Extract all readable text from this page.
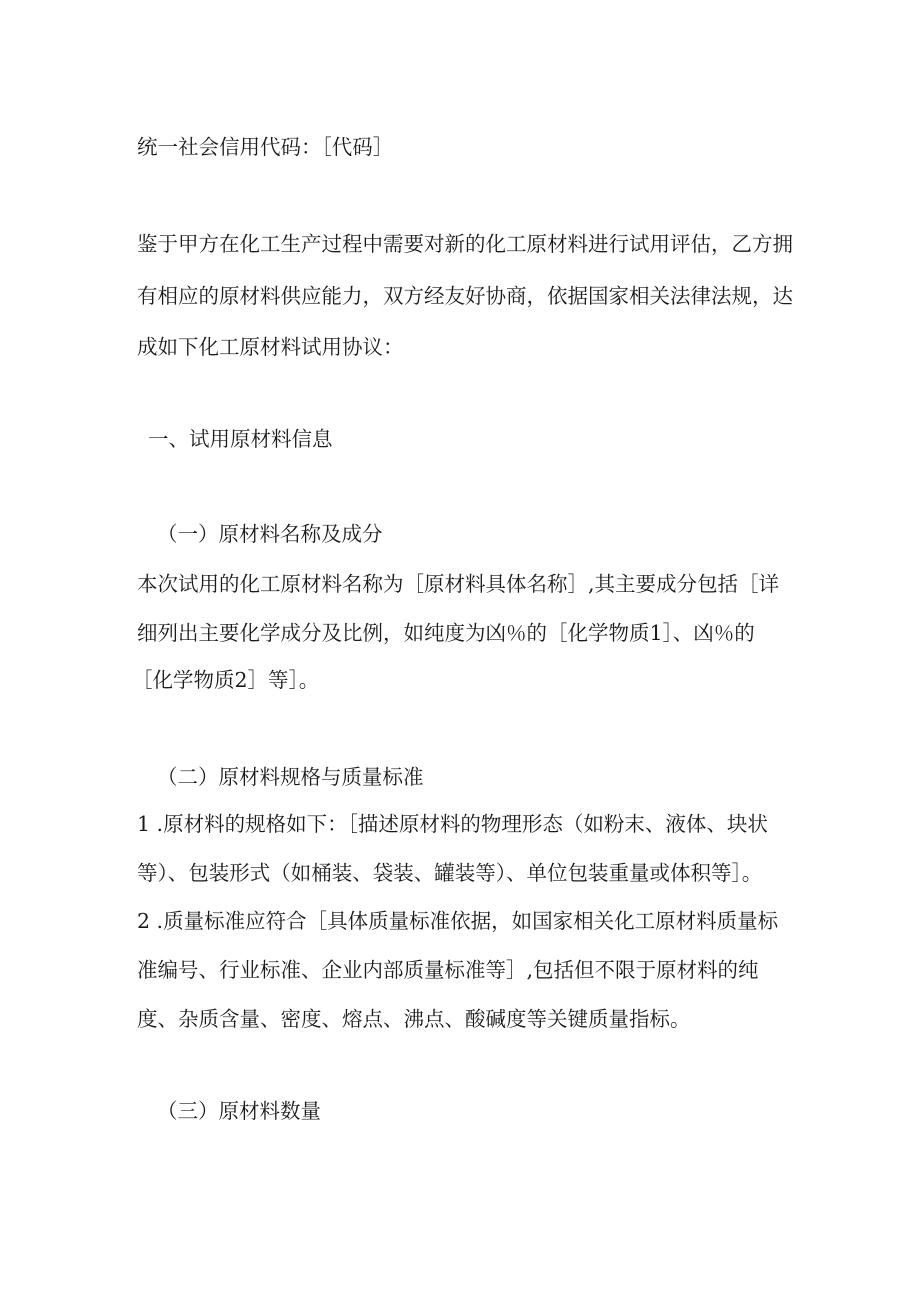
统一社会信用代码：［代码］
鉴于甲方在化工生产过程中需要对新的化工原材料进行试用评估，乙方拥
有相应的原材料供应能力，双方经友好协商，依据国家相关法律法规，达
成如下化工原材料试用协议：
一、试用原材料信息
（一）原材料名称及成分
本次试用的化工原材料名称为［原材料具体名称］,其主要成分包括［详
细列出主要化学成分及比例，如纯度为凶％的［化学物质1］、凶％的
［化学物质2］等］。
（二）原材料规格与质量标准
1 .原材料的规格如下：［描述原材料的物理形态（如粉末、液体、块状
等）、包装形式（如桶装、袋装、罐装等）、单位包装重量或体积等］。
2 .质量标准应符合［具体质量标准依据，如国家相关化工原材料质量标
准编号、行业标准、企业内部质量标准等］,包括但不限于原材料的纯
度、杂质含量、密度、熔点、沸点、酸碱度等关键质量指标。
（三）原材料数量
